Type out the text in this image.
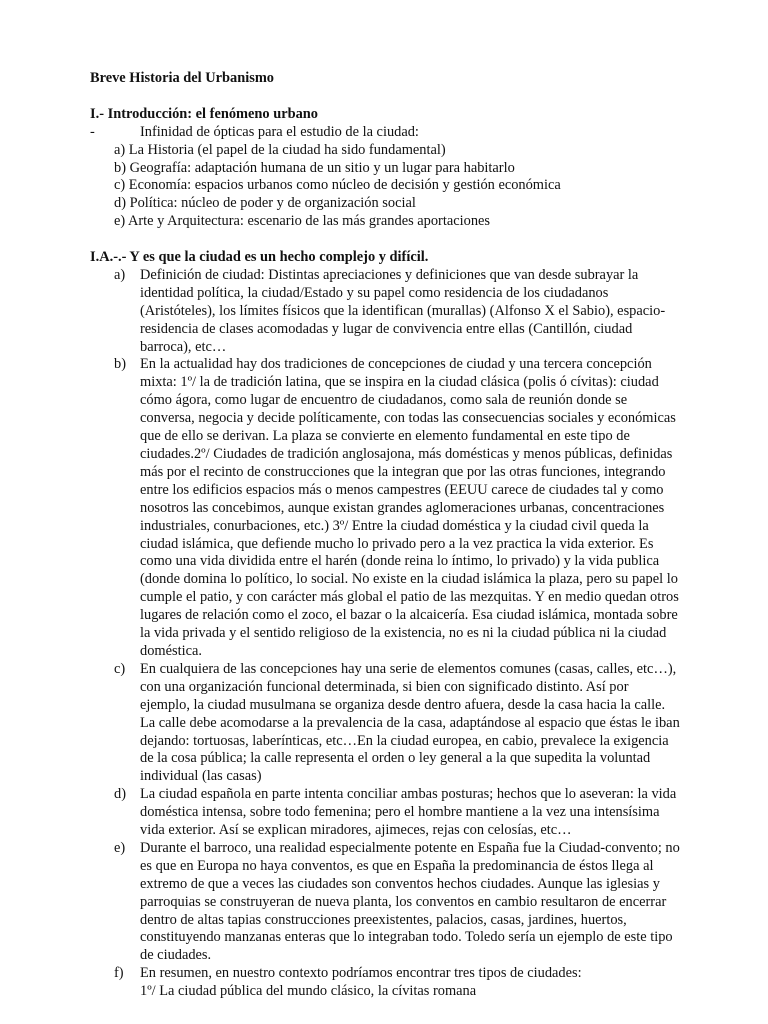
Breve Historia del Urbanismo

I.- Introducción: el fenómeno urbano

-	Infinidad de ópticas para el estudio de la ciudad:
a) La Historia (el papel de la ciudad ha sido fundamental)
b) Geografía: adaptación humana de un sitio y un lugar para habitarlo
c) Economía: espacios urbanos como núcleo de decisión y gestión económica
d) Política: núcleo de poder y de organización social
e) Arte y Arquitectura: escenario de las más grandes aportaciones

I.A.-.- Y es que la ciudad es un hecho complejo y difícil.

a)	Definición de ciudad: Distintas apreciaciones y definiciones que van desde subrayar la identidad política, la ciudad/Estado y su papel como residencia de los ciudadanos (Aristóteles), los límites físicos que la identifican (murallas) (Alfonso X el Sabio), espacio-residencia de clases acomodadas y lugar de convivencia entre ellas (Cantillón, ciudad barroca), etc…

b) En la actualidad hay dos tradiciones de concepciones de ciudad y una tercera concepción mixta: 1º/ la de tradición latina, que se inspira en la ciudad clásica (polis ó cívitas): ciudad cómo ágora, como lugar de encuentro de ciudadanos, como sala de reunión donde se conversa, negocia y decide políticamente, con todas las consecuencias sociales y económicas que de ello se derivan. La plaza se convierte en elemento fundamental en este tipo de ciudades.2º/ Ciudades de tradición anglosajona, más domésticas y menos públicas, definidas más por el recinto de construcciones que la integran que por las otras funciones, integrando entre los edificios espacios más o menos campestres (EEUU carece de ciudades tal y como nosotros las concebimos, aunque existan grandes aglomeraciones urbanas, concentraciones industriales, conurbaciones, etc.) 3º/ Entre la ciudad doméstica y la ciudad civil queda la ciudad islámica, que defiende mucho lo privado pero a la vez practica la vida exterior. Es como una vida dividida entre el harén (donde reina lo íntimo, lo privado) y la vida publica (donde domina lo político, lo social. No existe en la ciudad islámica la plaza, pero su papel lo cumple el patio, y con carácter más global el patio de las mezquitas. Y en medio quedan otros lugares de relación como el zoco, el bazar o la alcaicería. Esa ciudad islámica, montada sobre la vida privada y el sentido religioso de la existencia, no es ni la ciudad pública ni la ciudad doméstica.

c)	En cualquiera de las concepciones hay una serie de elementos comunes (casas, calles, etc…), con una organización funcional determinada, si bien con significado distinto. Así por ejemplo, la ciudad musulmana se organiza desde dentro afuera, desde la casa hacia la calle. La calle debe acomodarse a la prevalencia de la casa, adaptándose al espacio que éstas le iban dejando: tortuosas, laberínticas, etc…En la ciudad europea, en cabio, prevalece la exigencia de la cosa pública; la calle representa el orden o ley general a la que supedita la voluntad individual (las casas)

d) La ciudad española en parte intenta conciliar ambas posturas; hechos que lo aseveran: la vida doméstica intensa, sobre todo femenina; pero el hombre mantiene a la vez una intensísima vida exterior. Así se explican miradores, ajimeces, rejas con celosías, etc…

e)	Durante el barroco, una realidad especialmente potente en España fue la Ciudad-convento; no es que en Europa no haya conventos, es que en España la predominancia de éstos llega al extremo de que a veces las ciudades son conventos hechos ciudades. Aunque las iglesias y parroquias se construyeran de nueva planta, los conventos en cambio resultaron de encerrar dentro de altas tapias construcciones preexistentes, palacios, casas, jardines, huertos, constituyendo manzanas enteras que lo integraban todo. Toledo sería un ejemplo de este tipo de ciudades.

f)	En resumen, en nuestro contexto podríamos encontrar tres tipos de ciudades:

1º/ La ciudad pública del mundo clásico, la cívitas romana
